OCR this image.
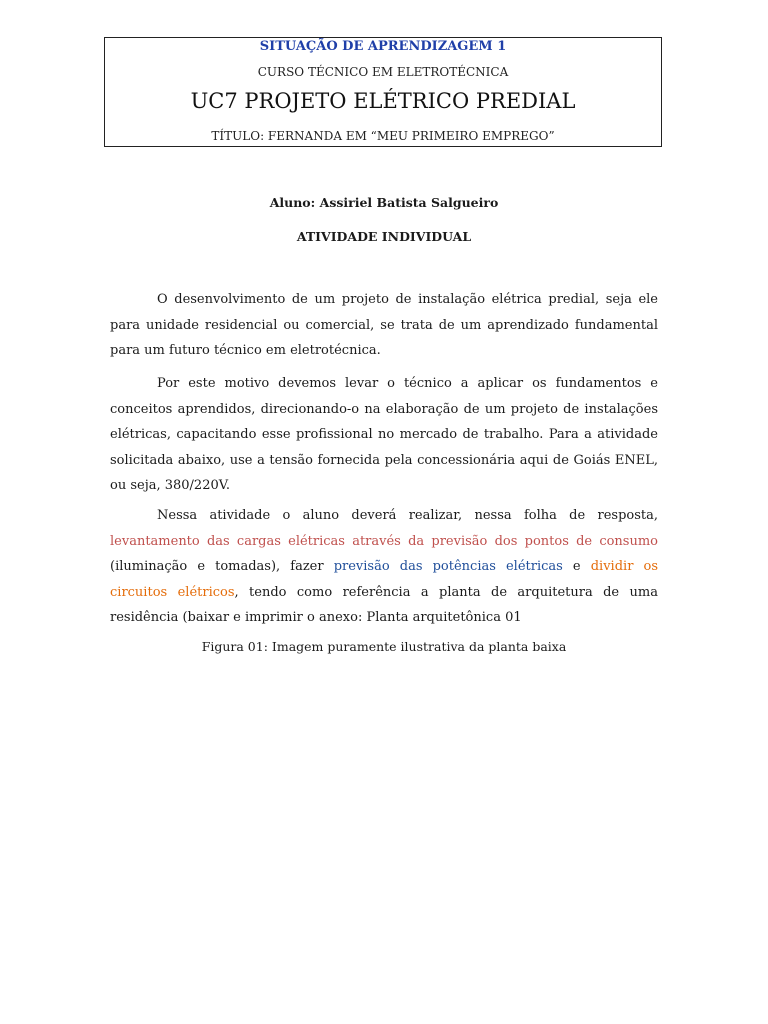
SITUAÇÃO DE APRENDIZAGEM 1
CURSO TÉCNICO EM ELETROTÉCNICA
UC7 PROJETO ELÉTRICO PREDIAL
TÍTULO: FERNANDA EM “MEU PRIMEIRO EMPREGO”
Aluno: Assiriel Batista Salgueiro
ATIVIDADE INDIVIDUAL

O desenvolvimento de um projeto de instalação elétrica predial, seja ele para unidade residencial ou comercial, se trata de um aprendizado fundamental para um futuro técnico em eletrotécnica.

Por este motivo devemos levar o técnico a aplicar os fundamentos e conceitos aprendidos, direcionando-o na elaboração de um projeto de instalações elétricas, capacitando esse profissional no mercado de trabalho. Para a atividade solicitada abaixo, use a tensão fornecida pela concessionária aqui de Goiás ENEL, ou seja, 380/220V.

Nessa atividade o aluno deverá realizar, nessa folha de resposta, levantamento das cargas elétricas através da previsão dos pontos de consumo (iluminação e tomadas), fazer previsão das potências elétricas e dividir os circuitos elétricos, tendo como referência a planta de arquitetura de uma residência (baixar e imprimir o anexo: Planta arquitetônica 01

Figura 01: Imagem puramente ilustrativa da planta baixa
